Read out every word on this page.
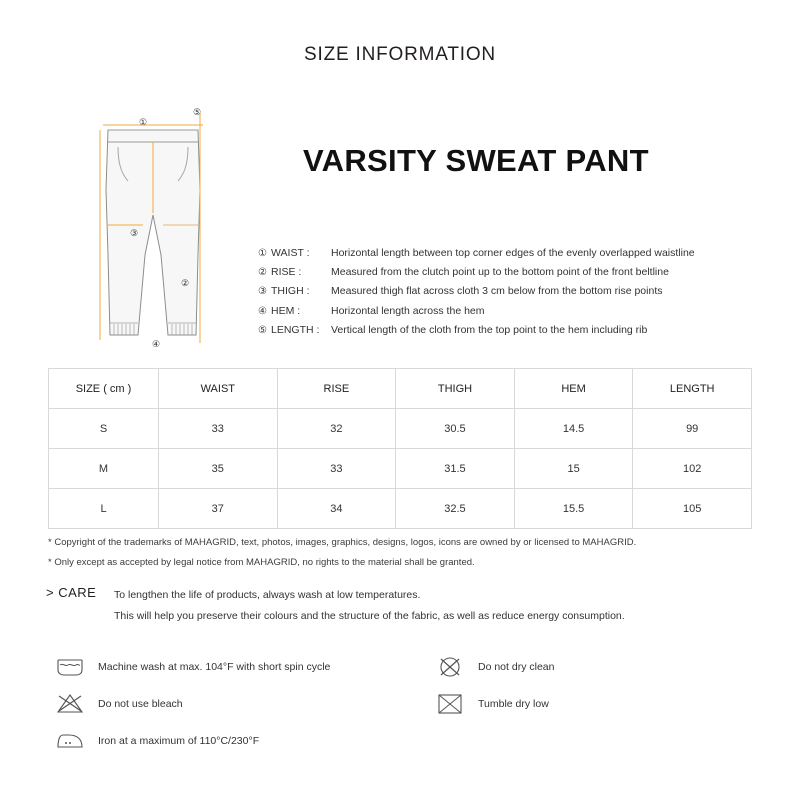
SIZE INFORMATION
①
②
③
④
⑤
VARSITY SWEAT PANT
① WAIST :	Horizontal length between top corner edges of the evenly overlapped waistline
② RISE :	Measured from the clutch point up to the bottom point of the front beltline
③ THIGH :	Measured thigh flat across cloth 3 cm below from the bottom rise points
④ HEM :	Horizontal length across the hem
⑤ LENGTH :	Vertical length of the cloth from the top point to the hem including rib
SIZE ( cm )	WAIST	RISE	THIGH	HEM	LENGTH
S	33	32	30.5	14.5	99
M	35	33	31.5	15	102
L	37	34	32.5	15.5	105
* Copyright of the trademarks of MAHAGRID, text, photos, images, graphics, designs, logos, icons are owned by or licensed to MAHAGRID.
* Only except as accepted by legal notice from MAHAGRID, no rights to the material shall be granted.
> CARE	To lengthen the life of products, always wash at low temperatures.
This will help you preserve their colours and the structure of the fabric, as well as reduce energy consumption.
Machine wash at max. 104°F with short spin cycle
Do not use bleach
Iron at a maximum of 110°C/230°F
Do not dry clean
Tumble dry low
